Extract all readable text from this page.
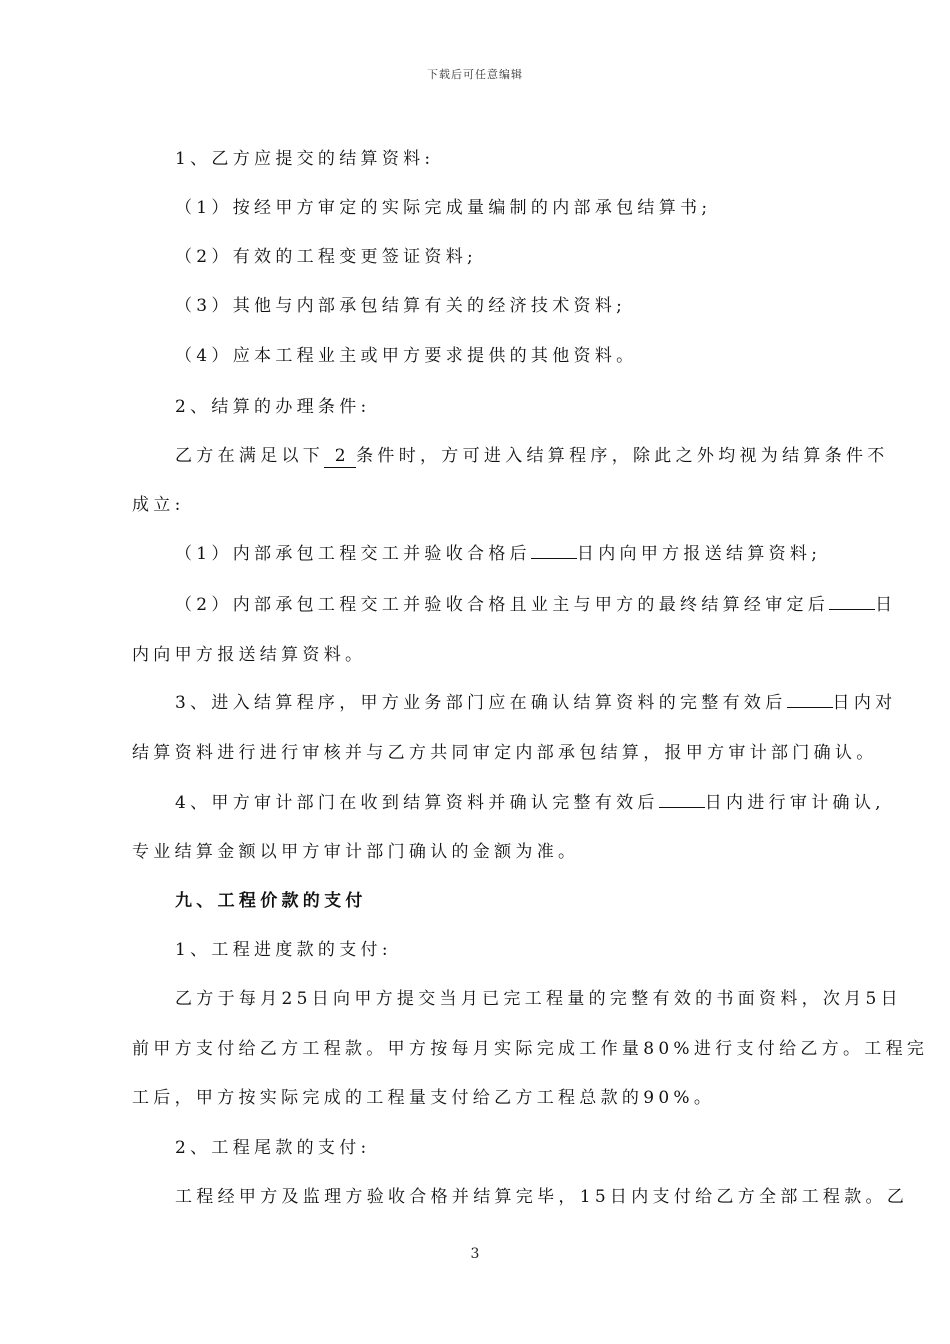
下载后可任意编辑
1、乙方应提交的结算资料:
（1）按经甲方审定的实际完成量编制的内部承包结算书;
（2）有效的工程变更签证资料;
（3）其他与内部承包结算有关的经济技术资料;
（4）应本工程业主或甲方要求提供的其他资料。
2、结算的办理条件:
乙方在满足以下 2 条件时，方可进入结算程序，除此之外均视为结算条件不
成立:
（1）内部承包工程交工并验收合格后	日内向甲方报送结算资料;
（2）内部承包工程交工并验收合格且业主与甲方的最终结算经审定后	日
内向甲方报送结算资料。
3、进入结算程序，甲方业务部门应在确认结算资料的完整有效后	日内对
结算资料进行进行审核并与乙方共同审定内部承包结算，报甲方审计部门确认。
4、甲方审计部门在收到结算资料并确认完整有效后	日内进行审计确认,
专业结算金额以甲方审计部门确认的金额为准。
九、工程价款的支付
1、工程进度款的支付:
乙方于每月25日向甲方提交当月已完工程量的完整有效的书面资料，次月5日
前甲方支付给乙方工程款。甲方按每月实际完成工作量80%进行支付给乙方。工程完
工后，甲方按实际完成的工程量支付给乙方工程总款的90%。
2、工程尾款的支付:
工程经甲方及监理方验收合格并结算完毕，15日内支付给乙方全部工程款。乙
3
